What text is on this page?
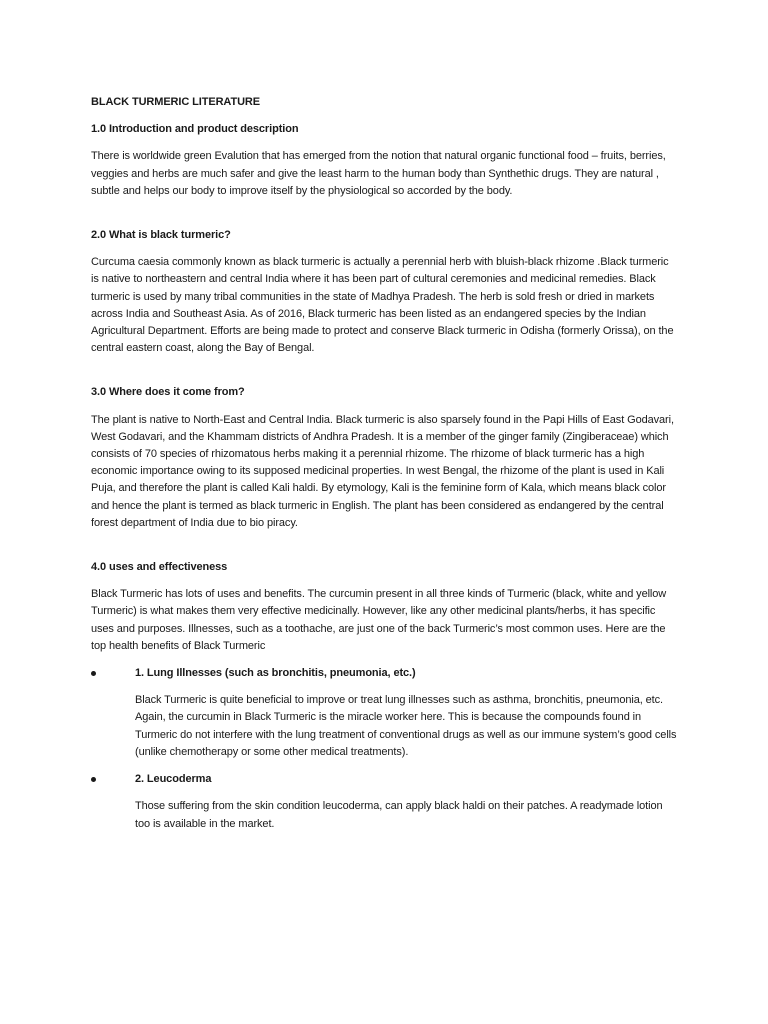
BLACK TURMERIC LITERATURE
1.0 Introduction and product description
There is worldwide green Evalution that has emerged from the notion that natural organic functional food – fruits, berries, veggies and herbs are much safer and give the least harm to the human body than Synthethic drugs. They are natural , subtle and helps our body to improve itself by the physiological so accorded by the body.
2.0 What is black turmeric?
Curcuma caesia commonly known as black turmeric is actually a perennial herb with bluish-black rhizome .Black turmeric is native to northeastern and central India where it has been part of cultural ceremonies and medicinal remedies. Black turmeric is used by many tribal communities in the state of Madhya Pradesh. The herb is sold fresh or dried in markets across India and Southeast Asia. As of 2016, Black turmeric has been listed as an endangered species by the Indian Agricultural Department. Efforts are being made to protect and conserve Black turmeric in Odisha (formerly Orissa), on the central eastern coast, along the Bay of Bengal.
3.0 Where does it come from?
The plant is native to North-East and Central India. Black turmeric is also sparsely found in the Papi Hills of East Godavari, West Godavari, and the Khammam districts of Andhra Pradesh. It is a member of the ginger family (Zingiberaceae) which consists of 70 species of rhizomatous herbs making it a perennial rhizome. The rhizome of black turmeric has a high economic importance owing to its supposed medicinal properties. In west Bengal, the rhizome of the plant is used in Kali Puja, and therefore the plant is called Kali haldi. By etymology, Kali is the feminine form of Kala, which means black color and hence the plant is termed as black turmeric in English. The plant has been considered as endangered by the central forest department of India due to bio piracy.
4.0 uses and effectiveness
Black Turmeric has lots of uses and benefits. The curcumin present in all three kinds of Turmeric (black, white and yellow Turmeric) is what makes them very effective medicinally. However, like any other medicinal plants/herbs, it has specific uses and purposes. Illnesses, such as a toothache, are just one of the back Turmeric’s most common uses. Here are the top health benefits of Black Turmeric
1. Lung Illnesses (such as bronchitis, pneumonia, etc.)
Black Turmeric is quite beneficial to improve or treat lung illnesses such as asthma, bronchitis, pneumonia, etc. Again, the curcumin in Black Turmeric is the miracle worker here. This is because the compounds found in Turmeric do not interfere with the lung treatment of conventional drugs as well as our immune system’s good cells (unlike chemotherapy or some other medical treatments).
2. Leucoderma
Those suffering from the skin condition leucoderma, can apply black haldi on their patches. A readymade lotion too is available in the market.
